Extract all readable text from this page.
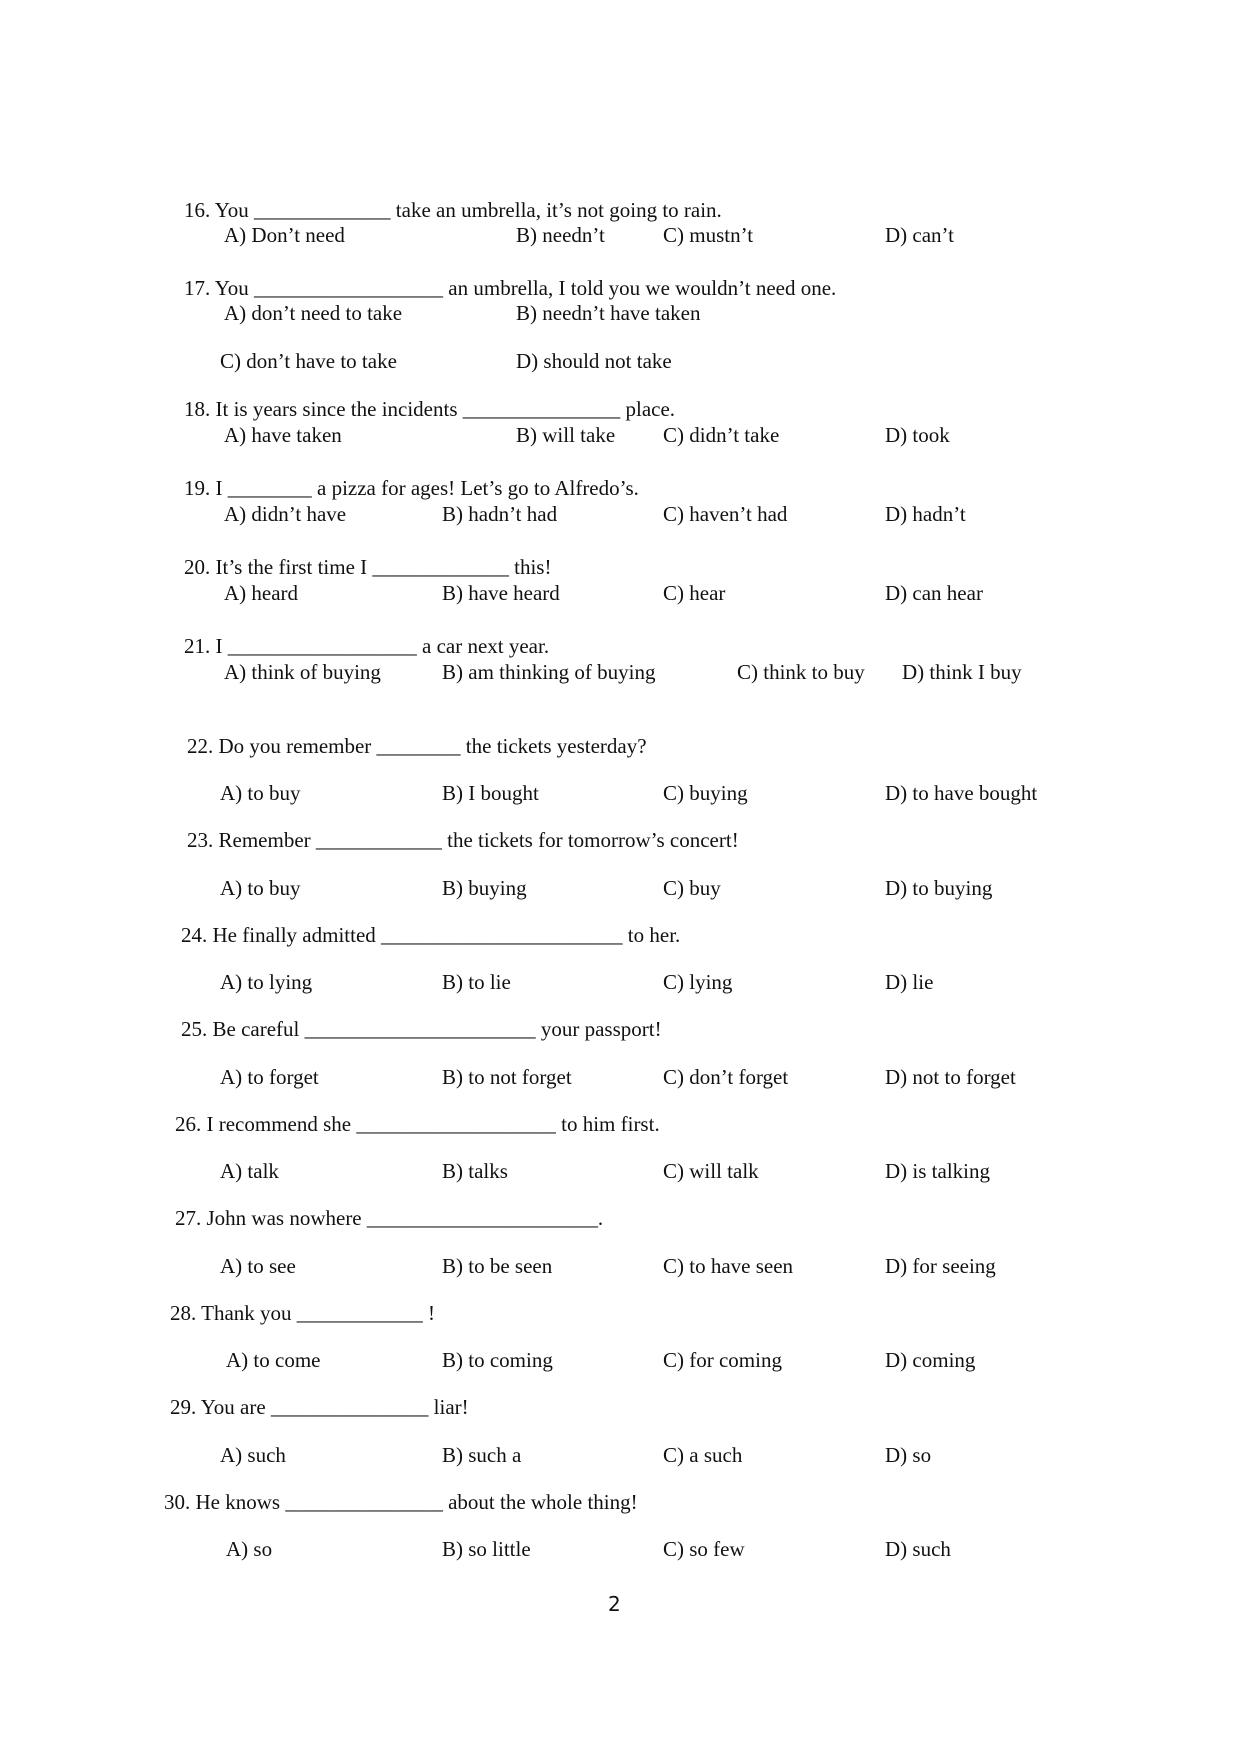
16. You _____________ take an umbrella, it’s not going to rain.
A) Don’t need	B) needn’t	C) mustn’t	D) can’t
17. You __________________ an umbrella, I told you we wouldn’t need one.
A) don’t need to take	B) needn’t have taken
C) don’t have to take	D) should not take
18. It is years since the incidents _______________ place.
A) have taken	B) will take C) didn’t take	D) took
19. I ________ a pizza for ages! Let’s go to Alfredo’s.
A) didn’t have	B) hadn’t had	C) haven’t had	D) hadn’t
20. It’s the first time I _____________ this!
A) heard	B) have heard	C) hear	D) can hear
21. I __________________ a car next year.
A) think of buying	B) am thinking of buying	C) think to buy D) think I buy
22. Do you remember ________ the tickets yesterday?
A) to buy	B) I bought	C) buying	D) to have bought
23. Remember ____________ the tickets for tomorrow’s concert!
A) to buy	B) buying	C) buy	D) to buying
24. He finally admitted _______________________ to her.
A) to lying	B) to lie	C) lying	D) lie
25. Be careful ______________________ your passport!
A) to forget	B) to not forget	C) don’t forget	D) not to forget
26. I recommend she ___________________ to him first.
A) talk	B) talks	C) will talk	D) is talking
27. John was nowhere ______________________.
A) to see	B) to be seen	C) to have seen	D) for seeing
28. Thank you ____________ !
A) to come	B) to coming	C) for coming	D) coming
29. You are _______________ liar!
A) such	B) such a	C) a such	D) so
30. He knows _______________ about the whole thing!
A) so	B) so little	C) so few	D) such
2
